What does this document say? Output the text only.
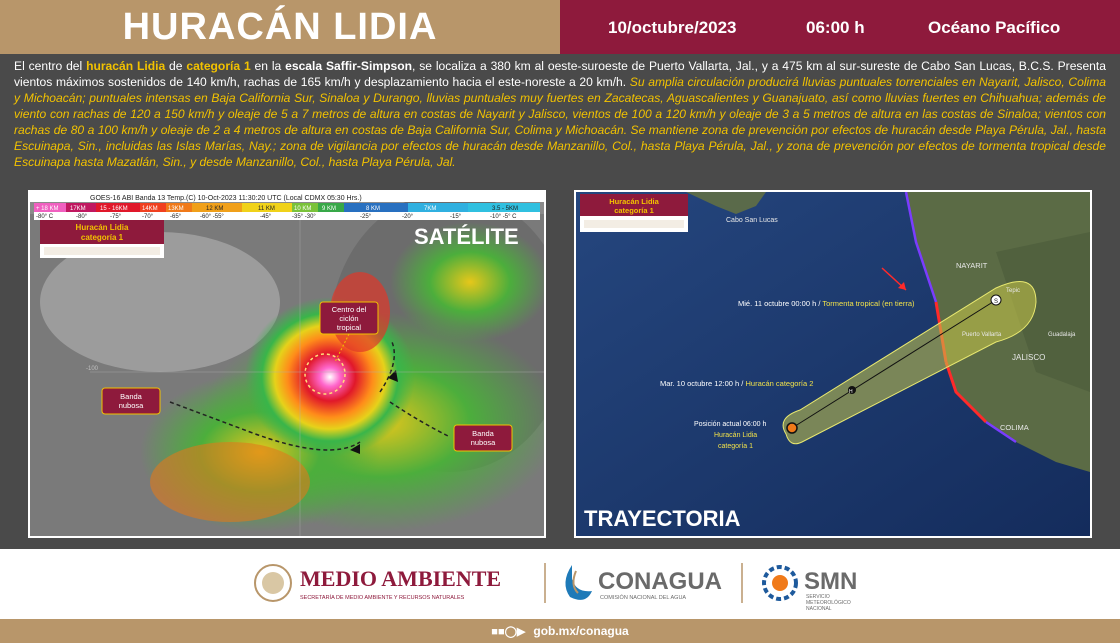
HURACÁN LIDIA	10/octubre/2023	06:00 h	Océano Pacífico
El centro del huracán Lidia de categoría 1 en la escala Saffir-Simpson, se localiza a 380 km al oeste-suroeste de Puerto Vallarta, Jal., y a 475 km al sur-sureste de Cabo San Lucas, B.C.S. Presenta vientos máximos sostenidos de 140 km/h, rachas de 165 km/h y desplazamiento hacia el este-noreste a 20 km/h. Su amplia circulación producirá lluvias puntuales torrenciales en Nayarit, Jalisco, Colima y Michoacán; puntuales intensas en Baja California Sur, Sinaloa y Durango, lluvias puntuales muy fuertes en Zacatecas, Aguascalientes y Guanajuato, así como lluvias fuertes en Chihuahua; además de viento con rachas de 120 a 150 km/h y oleaje de 5 a 7 metros de altura en costas de Nayarit y Jalisco, vientos de 100 a 120 km/h y oleaje de 3 a 5 metros de altura en las costas de Sinaloa; vientos con rachas de 80 a 100 km/h y oleaje de 2 a 4 metros de altura en costas de Baja California Sur, Colima y Michoacán. Se mantiene zona de prevención por efectos de huracán desde Playa Pérula, Jal., hasta Escuinapa, Sin., incluidas las Islas Marías, Nay.; zona de vigilancia por efectos de huracán desde Manzanillo, Col., hasta Playa Pérula, Jal., y zona de prevención por efectos de tormenta tropical desde Escuinapa hasta Mazatlán, Sin., y desde Manzanillo, Col., hasta Playa Pérula, Jal.
GOES-16 ABI Banda 13 Temp.(C) 10-Oct-2023 11:30:20 UTC (Local CDMX 05:30 Hrs.)
+ 18 KM 17KM 15 - 16KM 14KM 13KM	12 KM	11 KM	10 KM 9 KM	8 KM	7KM	3.5 - 5KM
-80° C	-80°	-75°	-70°	-65°	-60° -55°	-45°	-35° -30°	-25°	-20°	-15°	-10° -5° C
-100
Huracán Lidia
categoría 1	SATÉLITE
Centro del
ciclón
tropical
Banda
nubosa
Banda
nubosa
H
S
Cabo San Lucas
NAYARIT
Tepic
Puerto Vallarta	Guadalaja
JALISCO
COLIMA
Mié. 11 octubre 00:00 h / Tormenta tropical (en tierra)
Mar. 10 octubre 12:00 h / Huracán categoría 2
Posición actual 06:00 h
Huracán Lidia
categoría 1
Huracán Lidia
categoría 1
TRAYECTORIA
MEDIO AMBIENTE
SECRETARÍA DE MEDIO AMBIENTE Y RECURSOS NATURALES
CONAGUA
COMISIÓN NACIONAL DEL AGUA
SMN
SERVICIO
METEOROLÓGICO
NACIONAL
■■◯▶ gob.mx/conagua
